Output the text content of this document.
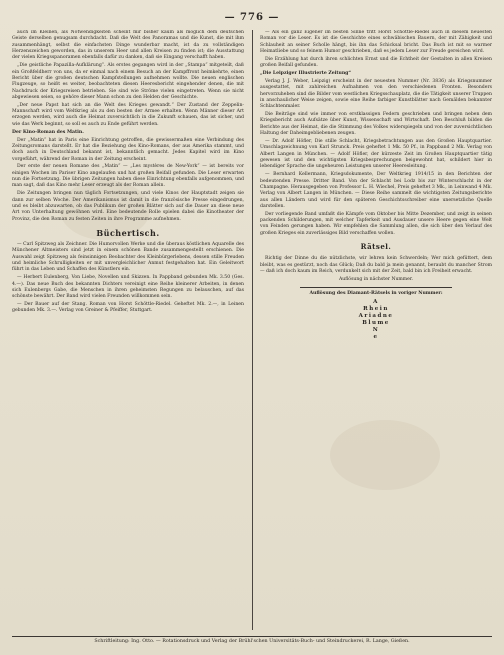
— 776 —

auch im Kleinen, als Notwendigkeiten scheint mir bisher kaum als möglich dem deutschen Geiste derselben genugsam durchdacht. Daß die Welt des Panoramas und die Kunst, die mit ihm zusammenhängt, selbst die einfachsten Dinge wunderbar macht, ist da zu vollständigen Herzenszeichen geworden, das in unserem Heer und allen Kreisen zu finden ist; die Ausstattung der vielen Kriegsspanoramen ebenfalls dafür zu danken, daß sie Eingang verschafft haben.

„Die geistliche Papazilla-Aufklärung“. Als erstes gegangen wird in der „Stampa“ mitgeteilt, daß ein Großfeldherr von uns, da er einmal nach einem Besuch an der Kampffront heimkehrte, einen Bericht über die großen deutschen Kampfstellungen aufnehmen wollte. Die neuen englischen Flugzeuge, so heißt es weiter, beobachteten diesen Heeresbericht eingehender denen, die mit Nachdruck der Kriegsreisen betrieben. Sie sind wie Ströme vielen eingetreten. Wenn sie nicht abgewiesen seien, so gehöre dieser Mann schon zu den Helden der Geschichte.

„Der neue Papst hat sich an die Welt des Krieges gewandt.“ Der Zustand der Zeppelin-Mannschaft wird vom Weltkrieg als zu den besten der Armee erhalten. Wenn Männer dieser Art erzogen werden, wird auch die Heimat zuversichtlich in die Zukunft schauen, das ist sicher, und wie das Werk beginnt, so soll es auch zu Ende geführt werden.

Der Kino-Roman des Matin.

Der „Matin“ hat in Paris eine Einrichtung getroffen, die gewissermaßen eine Verbindung des Zeitungsromans darstellt. Er hat die Beziehung des Kino-Romans, der aus Amerika stammt, und doch auch in Deutschland bekannt ist, bekanntlich gemacht. Jedes Kapitel wird im Kino vorgeführt, während der Roman in der Zeitung erscheint.

Der erste der neuen Romane des „Matin“ — „Les mystères de New-York“ — ist bereits vor einigen Wochen im Pariser Kino angelaufen und hat großen Beifall gefunden. Die Leser erwarten nun die Fortsetzung. Die übrigen Zeitungen haben diese Einrichtung ebenfalls aufgenommen, und man sagt, daß das Kino mehr Leser erzeugt als der Roman allein.

Die Zeitungen bringen nun täglich Fortsetzungen, und viele Kinos der Hauptstadt zeigen sie dann zur selben Woche. Der Amerikanismus ist damit in die französische Presse eingedrungen, und es bleibt abzuwarten, ob das Publikum der großen Blätter sich auf die Dauer an diese neue Art von Unterhaltung gewöhnen wird. Eine bedeutende Rolle spielen dabei die Kinotheater der Provinz, die den Roman zu festen Zeiten in ihre Programme aufnehmen.

Büchertisch.

— Carl Spitzweg als Zeichner. Die Humorvollen Werke und die überaus köstlichen Aquarelle des Münchener Altmeisters sind jetzt in einem schönen Bande zusammengestellt erschienen. Die Auswahl zeigt Spitzweg als feinsinnigen Beobachter des Kleinbürgerlebens, dessen stille Freuden und heimliche Schrulligkeiten er mit unvergleichlicher Anmut festgehalten hat. Ein Geleitwort führt in das Leben und Schaffen des Künstlers ein.

— Herbert Eulenberg, Von Liebe, Novellen und Skizzen. In Pappband gebunden Mk. 3.50 (Ges. 4.—). Das neue Buch des bekannten Dichters vereinigt eine Reihe kleinerer Arbeiten, in denen sich Eulenbergs Gabe, die Menschen in ihren geheimsten Regungen zu belauschen, auf das schönste bewährt. Der Band wird vielen Freunden willkommen sein.

— Der Bauer auf der Stang. Roman von Horst Schöttle-Riedel. Geheftet Mk. 2.—, in Leinen gebunden Mk. 3.—. Verlag von Greiner & Pfeiffer, Stuttgart.

— Als ein ganz Eigener im besten Sinne tritt Horst Schöttle-Riedel auch in diesem neuesten Roman vor die Leser. Es ist die Geschichte eines schwäbischen Bauern, der mit Zähigkeit und Schlauheit an seiner Scholle hängt, bis ihn das Schicksal bricht. Das Buch ist mit so warmer Heimatliebe und so feinem Humor geschrieben, daß es jedem Leser zur Freude gereichen wird.

Die Erzählung hat durch ihren schlichten Ernst und die Echtheit der Gestalten in allen Kreisen großen Beifall gefunden.

„Die Leipziger Illustrierte Zeitung“

Verlag J. J. Weber, Leipzig) erscheint in der neuesten Nummer (Nr. 3836) als Kriegsnummer ausgestattet, mit zahlreichen Aufnahmen von den verschiedenen Fronten. Besonders hervorzuheben sind die Bilder vom westlichen Kriegsschauplatz, die die Tätigkeit unserer Truppen in anschaulicher Weise zeigen, sowie eine Reihe farbiger Kunstblätter nach Gemälden bekannter Schlachtenmaler.

Die Beiträge sind wie immer von erstklassigen Federn geschrieben und bringen neben dem Kriegsbericht auch Aufsätze über Kunst, Wissenschaft und Wirtschaft. Den Beschluß bilden die Berichte aus der Heimat, die die Stimmung des Volkes widerspiegeln und von der zuversichtlichen Haltung der Daheimgebliebenen zeugen.

— Dr. Adolf Höfler, Die stille Schlacht, Kriegsbetrachtungen aus den Großen Hauptquartier. Umschlagzeichnung von Karl Strunck. Preis geheftet 1 Mk. 50 Pf., in Pappband 2 Mk. Verlag von Albert Langen in München. — Adolf Höfler, der kürzeste Zeit im Großen Hauptquartier tätig gewesen ist und den wichtigsten Kriegsbesprechungen beigewohnt hat, schildert hier in lebendiger Sprache die ungeheuren Leistungen unserer Heeresleitung.

— Bernhard Kellermann, Kriegsdokumente, Der Weltkrieg 1914/15 in den Berichten der bedeutenden Presse. Dritter Band. Von der Schlacht bei Lodz bis zur Winterschlacht in der Champagne. Herausgegeben von Professor L. H. Wiechel, Preis geheftet 3 Mk., in Leinwand 4 Mk. Verlag von Albert Langen in München. — Diese Reihe sammelt die wichtigsten Zeitungsberichte aus allen Ländern und wird für den späteren Geschichtsschreiber eine unersetzliche Quelle darstellen.

Der vorliegende Band umfaßt die Kämpfe vom Oktober bis Mitte Dezember, und zeigt in seinen packenden Schilderungen, mit welcher Tapferkeit und Ausdauer unsere Heere gegen eine Welt von Feinden gerungen haben. Wir empfehlen die Sammlung allen, die sich über den Verlauf des großen Krieges ein zuverlässiges Bild verschaffen wollen.

Rätsel.

Richtig der Dinne du die nützlichste, wir lehren kein Schwerdeln; Wer mich gefüttert, dem bleibt, was es gestürzt, noch das Glück; Daß du bald ja mein genannt, beraubt du mancher Strom — daß ich doch kaum im Reich, verdunkelt sich mit der Zeit, bald bin ich Freiheit erwacht.

Auflösung in nächster Nummer.
Auflösung des Diamant-Rätsels in voriger Nummer:
A
Rhein
Ariadne
Blume
N
e
Schriftleitung: Ing. Otto. — Rotationsdruck und Verlag der Brühl'schen Universitäts-Buch- und Steindruckerei, R. Lange, Gießen.
